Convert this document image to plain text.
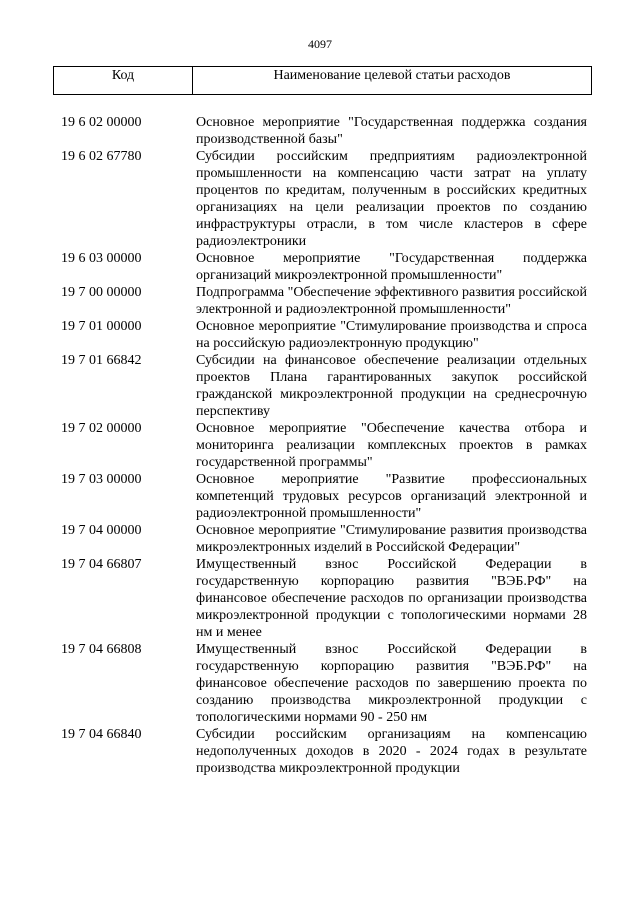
4097
Код	Наименование целевой статьи расходов
19 6 02 00000	Основное мероприятие "Государственная поддержка создания производственной базы"
19 6 02 67780	Субсидии российским предприятиям радиоэлектронной промышленности на компенсацию части затрат на уплату процентов по кредитам, полученным в российских кредитных организациях на цели реализации проектов по созданию инфраструктуры отрасли, в том числе кластеров в сфере радиоэлектроники
19 6 03 00000	Основное мероприятие "Государственная поддержка организаций микроэлектронной промышленности"
19 7 00 00000	Подпрограмма "Обеспечение эффективного развития российской электронной и радиоэлектронной промышленности"
19 7 01 00000	Основное мероприятие "Стимулирование производства и спроса на российскую радиоэлектронную продукцию"
19 7 01 66842	Субсидии на финансовое обеспечение реализации отдельных проектов Плана гарантированных закупок российской гражданской микроэлектронной продукции на среднесрочную перспективу
19 7 02 00000	Основное мероприятие "Обеспечение качества отбора и мониторинга реализации комплексных проектов в рамках государственной программы"
19 7 03 00000	Основное мероприятие "Развитие профессиональных компетенций трудовых ресурсов организаций электронной и радиоэлектронной промышленности"
19 7 04 00000	Основное мероприятие "Стимулирование развития производства микроэлектронных изделий в Российской Федерации"
19 7 04 66807	Имущественный взнос Российской Федерации в государственную корпорацию развития "ВЭБ.РФ" на финансовое обеспечение расходов по организации производства микроэлектронной продукции с топологическими нормами 28 нм и менее
19 7 04 66808	Имущественный взнос Российской Федерации в государственную корпорацию развития "ВЭБ.РФ" на финансовое обеспечение расходов по завершению проекта по созданию производства микроэлектронной продукции с топологическими нормами 90 - 250 нм
19 7 04 66840	Субсидии российским организациям на компенсацию недополученных доходов в 2020 - 2024 годах в результате производства микроэлектронной продукции
